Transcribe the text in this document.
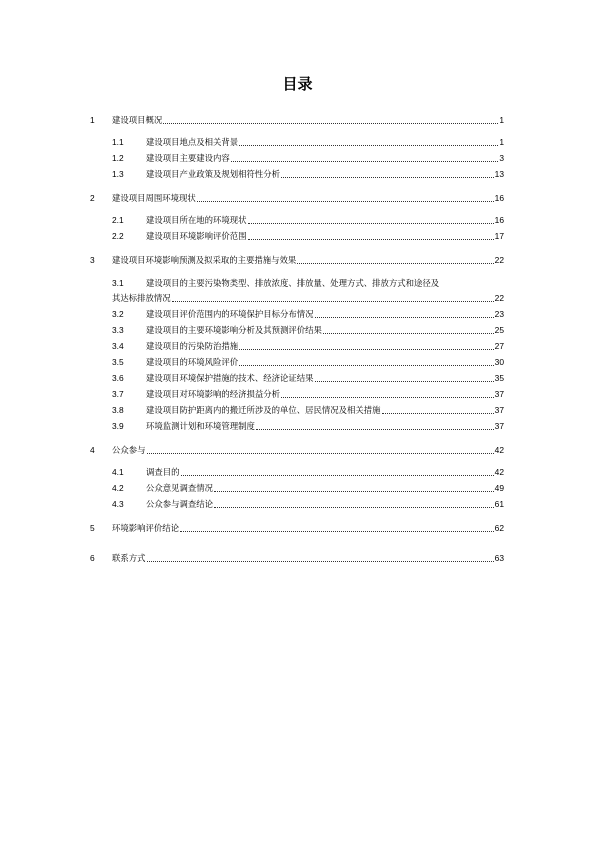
目录
1 建设项目概况	1
1.1	建设项目地点及相关背景	1
1.2	建设项目主要建设内容	3
1.3	建设项目产业政策及规划相符性分析	13
2 建设项目周围环境现状	16
2.1	建设项目所在地的环境现状	16
2.2	建设项目环境影响评价范围	17
3 建设项目环境影响预测及拟采取的主要措施与效果	22
3.1	建设项目的主要污染物类型、排放浓度、排放量、处理方式、排放方式和途径及
其达标排放情况	22
3.2	建设项目评价范围内的环境保护目标分布情况	23
3.3	建设项目的主要环境影响分析及其预测评价结果	25
3.4	建设项目的污染防治措施	27
3.5	建设项目的环境风险评价	30
3.6	建设项目环境保护措施的技术、经济论证结果	35
3.7	建设项目对环境影响的经济损益分析	37
3.8	建设项目防护距离内的搬迁所涉及的单位、居民情况及相关措施	37
3.9	环境监测计划和环境管理制度	37
4 公众参与	42
4.1	调查目的	42
4.2	公众意见调查情况	49
4.3	公众参与调查结论	61
5 环境影响评价结论	62
6 联系方式	63
